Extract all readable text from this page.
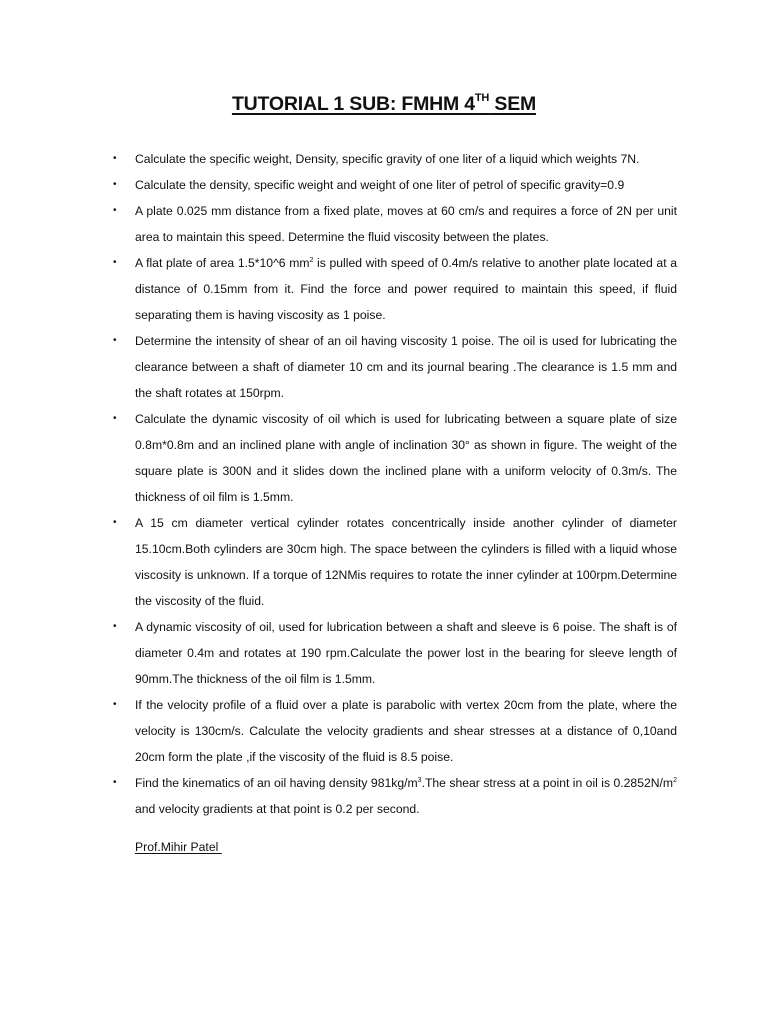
TUTORIAL 1 SUB: FMHM 4TH SEM
• Calculate the specific weight, Density, specific gravity of one liter of a liquid which weights 7N.
• Calculate the density, specific weight and weight of one liter of petrol of specific gravity=0.9
• A plate 0.025 mm distance from a fixed plate, moves at 60 cm/s and requires a force of 2N per unit area to maintain this speed. Determine the fluid viscosity between the plates.
• A flat plate of area 1.5*10^6 $mm^2$ is pulled with speed of 0.4m/s relative to another plate located at a distance of 0.15mm from it. Find the force and power required to maintain this speed, if fluid separating them is having viscosity as 1 poise.
• Determine the intensity of shear of an oil having viscosity 1 poise. The oil is used for lubricating the clearance between a shaft of diameter 10 cm and its journal bearing .The clearance is 1.5 mm and the shaft rotates at 150rpm.
• Calculate the dynamic viscosity of oil which is used for lubricating between a square plate of size 0.8m*0.8m and an inclined plane with angle of inclination 30° as shown in figure. The weight of the square plate is 300N and it slides down the inclined plane with a uniform velocity of 0.3m/s. The thickness of oil film is 1.5mm.
• A 15 cm diameter vertical cylinder rotates concentrically inside another cylinder of diameter 15.10cm.Both cylinders are 30cm high. The space between the cylinders is filled with a liquid whose viscosity is unknown. If a torque of 12NMis requires to rotate the inner cylinder at 100rpm.Determine the viscosity of the fluid.
• A dynamic viscosity of oil, used for lubrication between a shaft and sleeve is 6 poise. The shaft is of diameter 0.4m and rotates at 190 rpm.Calculate the power lost in the bearing for sleeve length of 90mm.The thickness of the oil film is 1.5mm.
• If the velocity profile of a fluid over a plate is parabolic with vertex 20cm from the plate, where the velocity is 130cm/s. Calculate the velocity gradients and shear stresses at a distance of 0,10and 20cm form the plate ,if the viscosity of the fluid is 8.5 poise.
• Find the kinematics of an oil having density $981kg/m^3.The$ shear stress at a point in oil is $0.2852N/m^2$ and velocity gradients at that point is 0.2 per second.
Prof.Mihir Patel
